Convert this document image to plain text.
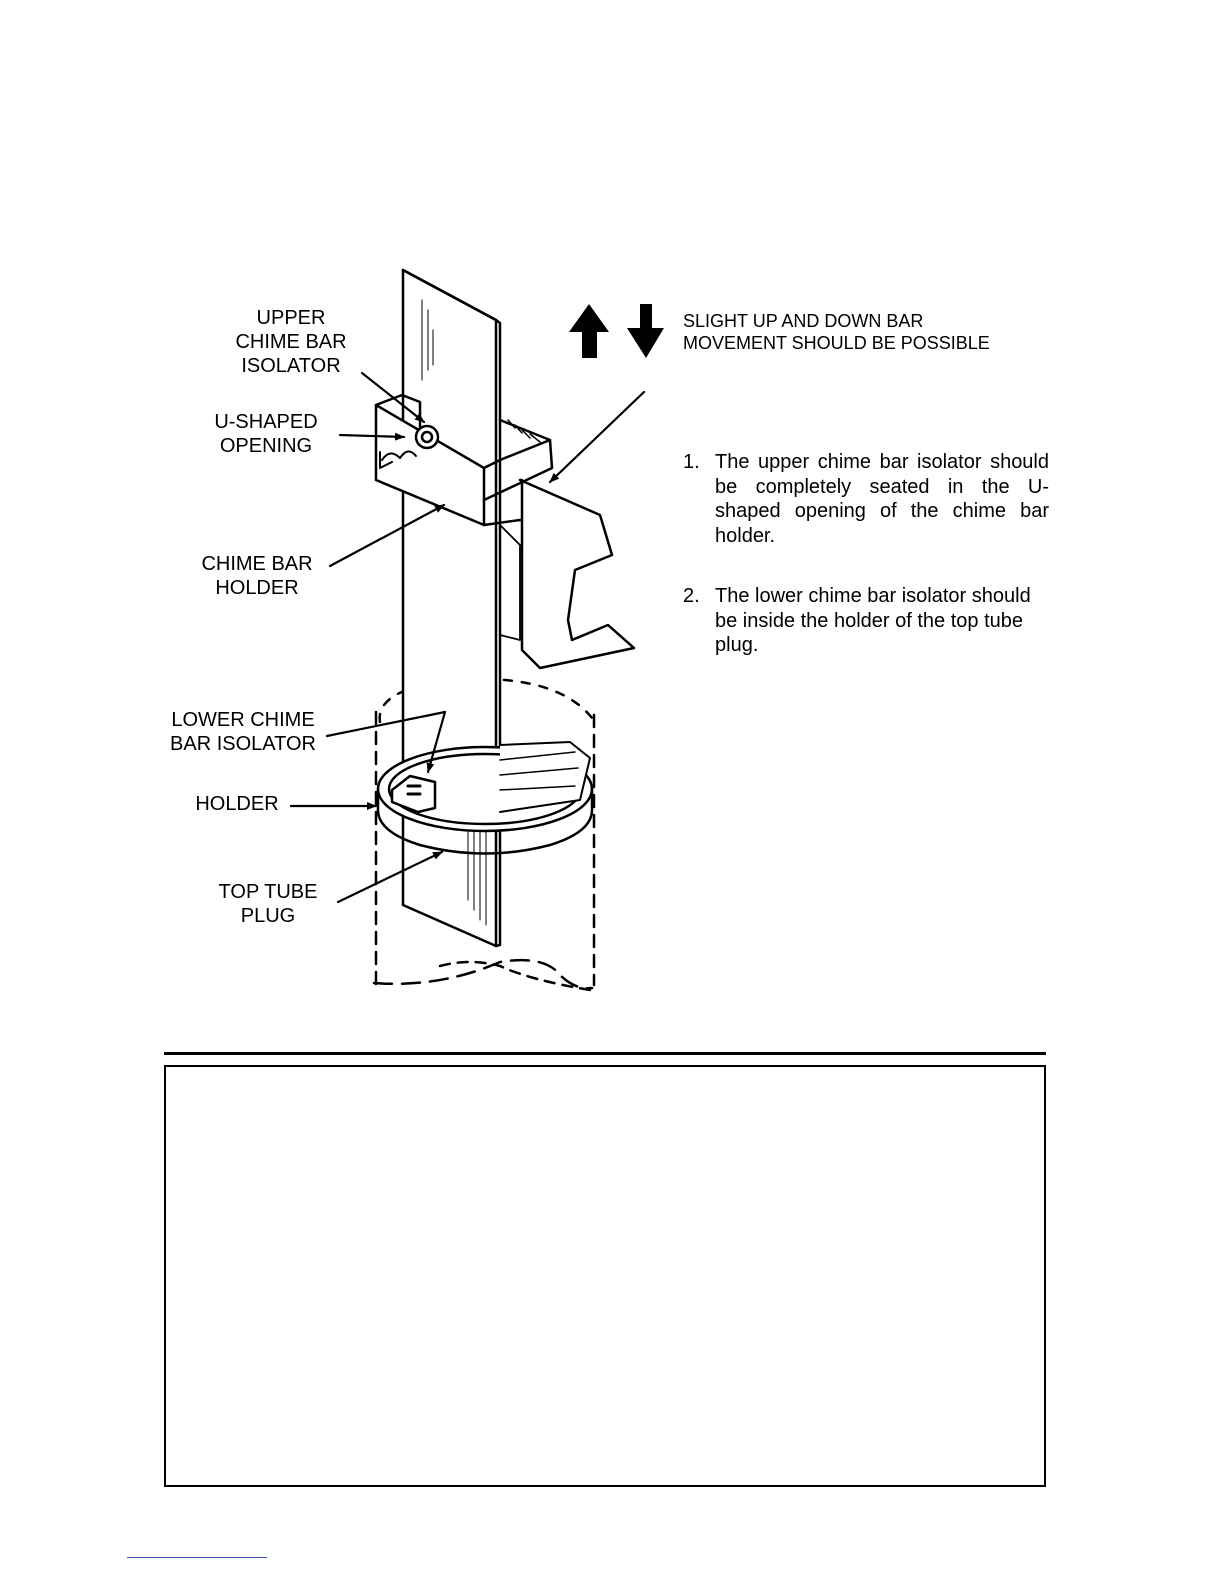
UPPER
CHIME BAR
ISOLATOR
U-SHAPED
OPENING
CHIME BAR
HOLDER
LOWER CHIME
BAR ISOLATOR
HOLDER
TOP TUBE
PLUG
SLIGHT UP AND DOWN BAR
MOVEMENT SHOULD BE POSSIBLE
1. The upper chime bar isolator should be completely seated in the U-shaped opening of the chime bar holder.
2. The lower chime bar isolator should be inside the holder of the top tube plug.
